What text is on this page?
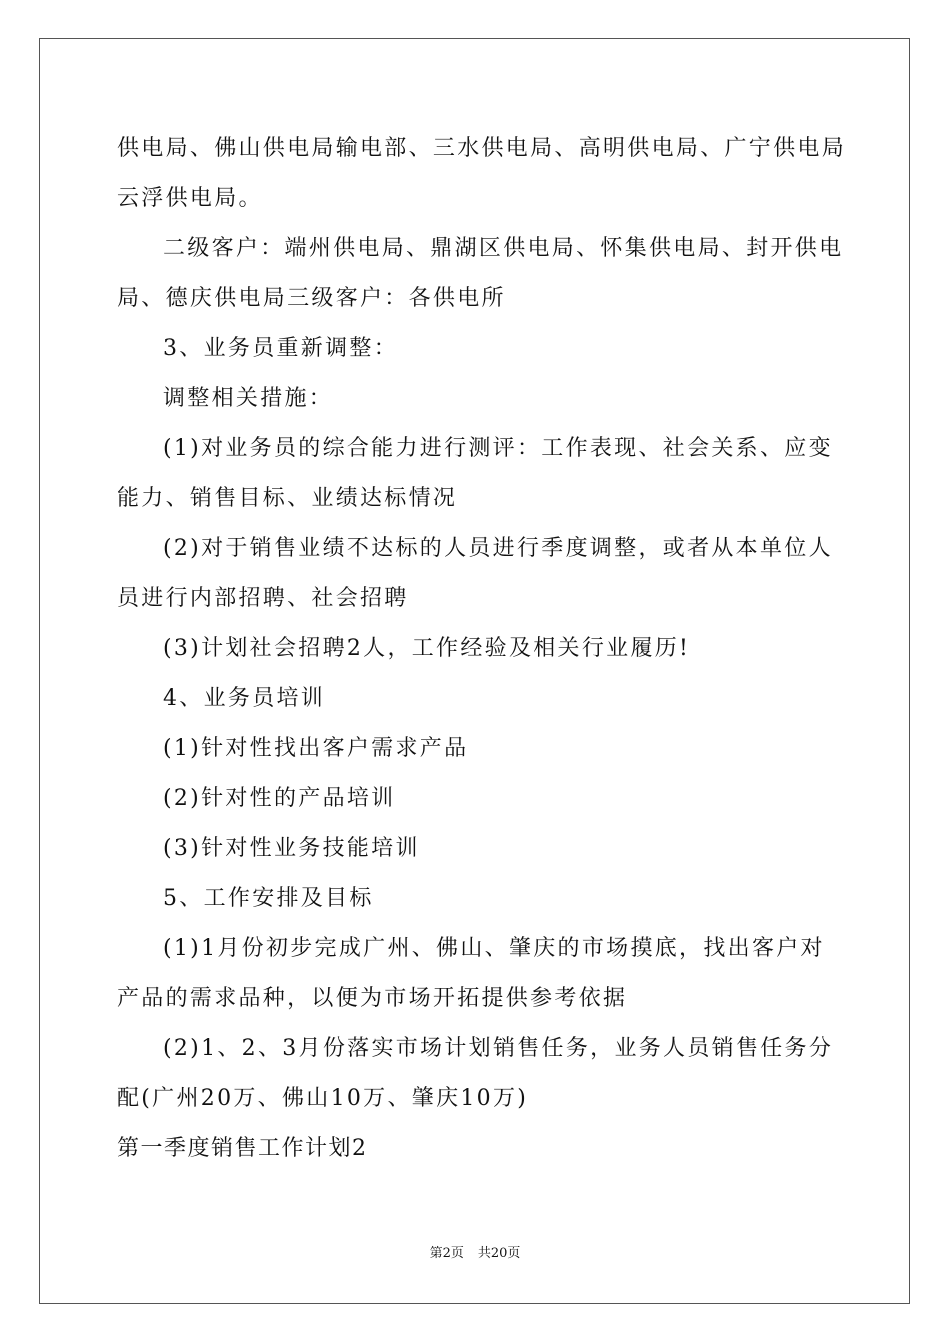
供电局、佛山供电局输电部、三水供电局、高明供电局、广宁供电局

云浮供电局。

二级客户：端州供电局、鼎湖区供电局、怀集供电局、封开供电

局、德庆供电局三级客户：各供电所

3、业务员重新调整：

调整相关措施：

(1)对业务员的综合能力进行测评：工作表现、社会关系、应变

能力、销售目标、业绩达标情况

(2)对于销售业绩不达标的人员进行季度调整，或者从本单位人

员进行内部招聘、社会招聘

(3)计划社会招聘2人，工作经验及相关行业履历!

4、业务员培训

(1)针对性找出客户需求产品

(2)针对性的产品培训

(3)针对性业务技能培训

5、工作安排及目标

(1)1月份初步完成广州、佛山、肇庆的市场摸底，找出客户对

产品的需求品种，以便为市场开拓提供参考依据

(2)1、2、3月份落实市场计划销售任务，业务人员销售任务分

配(广州20万、佛山10万、肇庆10万)

第一季度销售工作计划2

第2页 共20页
